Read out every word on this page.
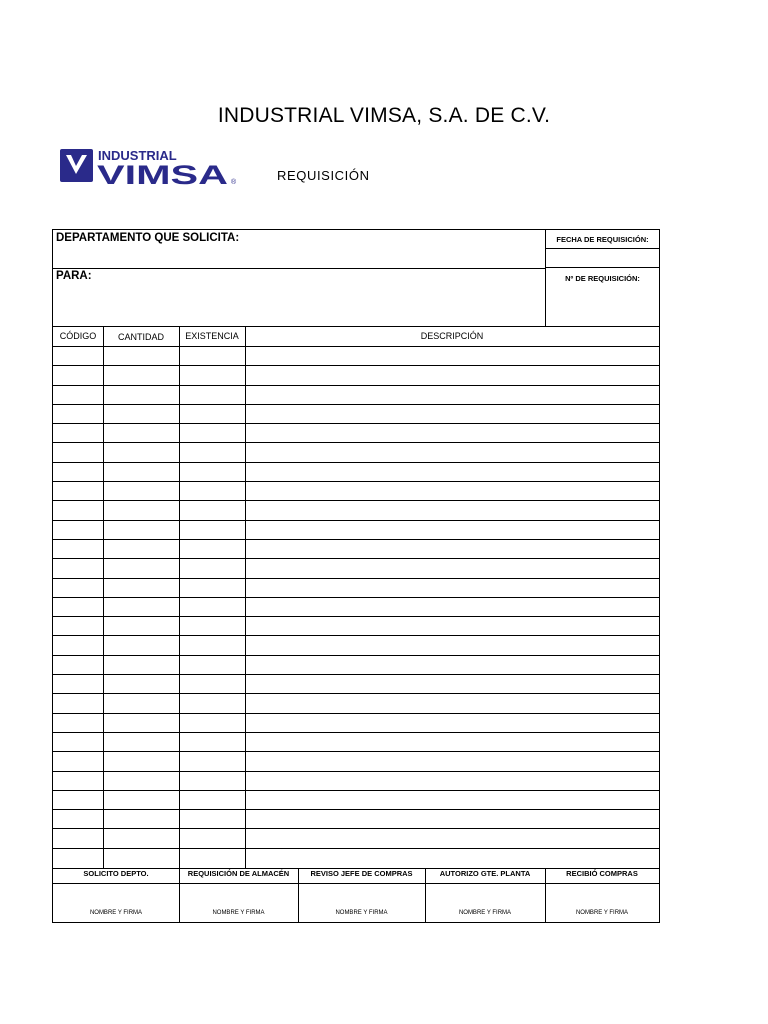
INDUSTRIAL VIMSA, S.A. DE C.V.
INDUSTRIAL
VIMSA ®	REQUISICIÓN
DEPARTAMENTO QUE SOLICITA:
PARA:
FECHA DE REQUISICIÓN:
Nº DE REQUISICIÓN:
CÓDIGO	CANTIDAD	EXISTENCIA	DESCRIPCIÓN
SOLICITO DEPTO.	REQUISICIÓN DE ALMACÉN	REVISO JEFE DE COMPRAS	AUTORIZO GTE. PLANTA	RECIBIÓ COMPRAS
NOMBRE Y FIRMA	NOMBRE Y FIRMA	NOMBRE Y FIRMA	NOMBRE Y FIRMA	NOMBRE Y FIRMA
